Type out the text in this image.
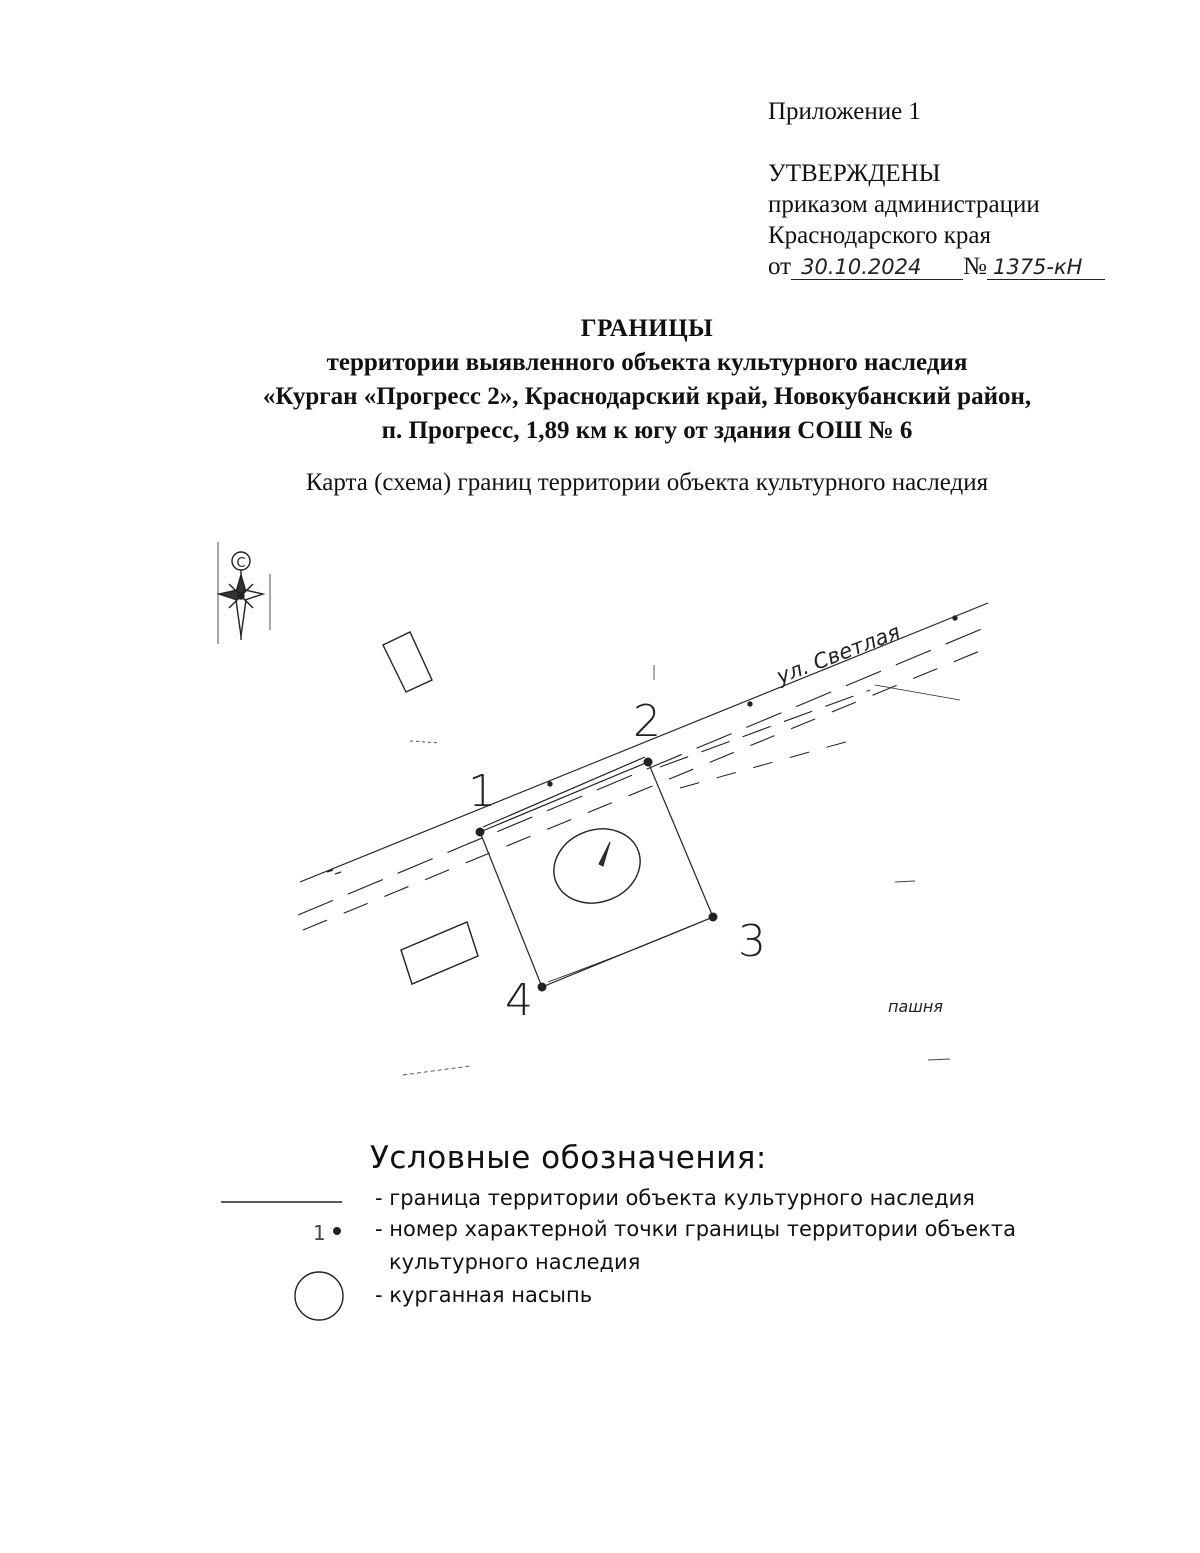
Приложение 1
УТВЕРЖДЕНЫ
приказом администрации
Краснодарского края
от 30.10.2024 № 1375-кН
ГРАНИЦЫ
территории выявленного объекта культурного наследия
«Курган «Прогресс 2», Краснодарский край, Новокубанский район,
п. Прогресс, 1,89 км к югу от здания СОШ № 6
Карта (схема) границ территории объекта культурного наследия
С
1
2
3
4
ул. Светлая
пашня
1
Условные обозначения:
- граница территории объекта культурного наследия
- номер характерной точки границы территории объекта
культурного наследия
- курганная насыпь
